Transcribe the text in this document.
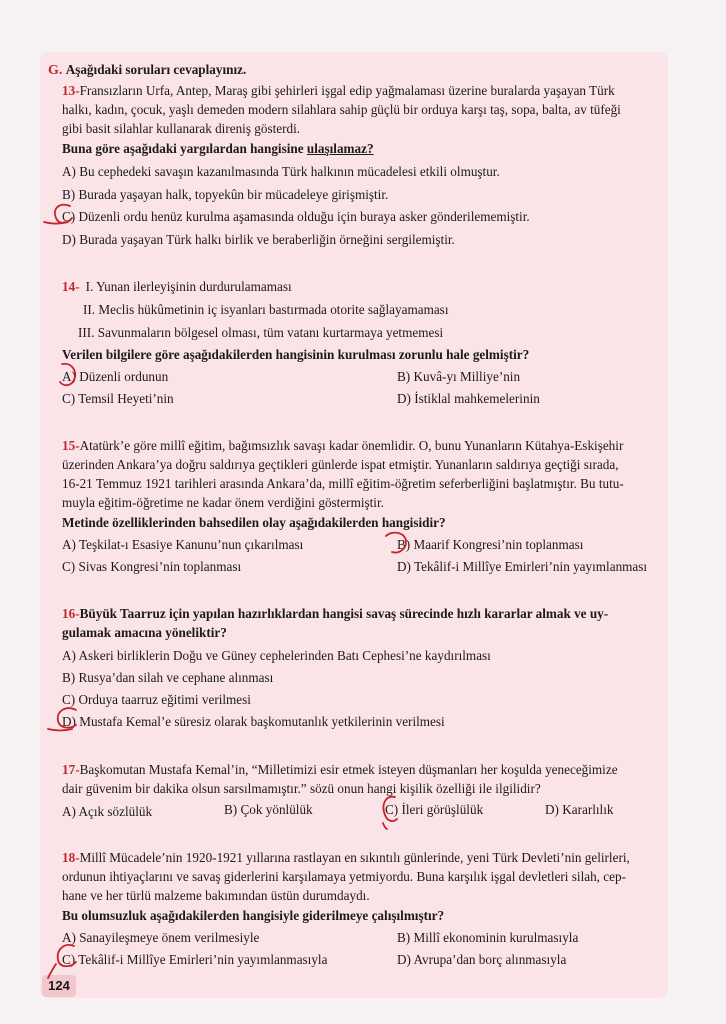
G. Aşağıdaki soruları cevaplayınız.
13-Fransızların Urfa, Antep, Maraş gibi şehirleri işgal edip yağmalaması üzerine buralarda yaşayan Türk
halkı, kadın, çocuk, yaşlı demeden modern silahlara sahip güçlü bir orduya karşı taş, sopa, balta, av tüfeği
gibi basit silahlar kullanarak direniş gösterdi.
Buna göre aşağıdaki yargılardan hangisine ulaşılamaz?
A) Bu cephedeki savaşın kazanılmasında Türk halkının mücadelesi etkili olmuştur.
B) Burada yaşayan halk, topyekûn bir mücadeleye girişmiştir.
C) Düzenli ordu henüz kurulma aşamasında olduğu için buraya asker gönderilememiştir.
D) Burada yaşayan Türk halkı birlik ve beraberliğin örneğini sergilemiştir.
14- I. Yunan ilerleyişinin durdurulamaması
II. Meclis hükûmetinin iç isyanları bastırmada otorite sağlayamaması
III. Savunmaların bölgesel olması, tüm vatanı kurtarmaya yetmemesi
Verilen bilgilere göre aşağıdakilerden hangisinin kurulması zorunlu hale gelmiştir?
A) Düzenli ordunun	B) Kuvâ-yı Milliye’nin
C) Temsil Heyeti’nin	D) İstiklal mahkemelerinin
15-Atatürk’e göre millî eğitim, bağımsızlık savaşı kadar önemlidir. O, bunu Yunanların Kütahya-Eskişehir
üzerinden Ankara’ya doğru saldırıya geçtikleri günlerde ispat etmiştir. Yunanların saldırıya geçtiği sırada,
16-21 Temmuz 1921 tarihleri arasında Ankara’da, millî eğitim-öğretim seferberliğini başlatmıştır. Bu tutu-
muyla eğitim-öğretime ne kadar önem verdiğini göstermiştir.
Metinde özelliklerinden bahsedilen olay aşağıdakilerden hangisidir?
A) Teşkilat-ı Esasiye Kanunu’nun çıkarılması	B) Maarif Kongresi’nin toplanması
C) Sivas Kongresi’nin toplanması	D) Tekâlif-i Millîye Emirleri’nin yayımlanması
16-Büyük Taarruz için yapılan hazırlıklardan hangisi savaş sürecinde hızlı kararlar almak ve uy-
gulamak amacına yöneliktir?
A) Askeri birliklerin Doğu ve Güney cephelerinden Batı Cephesi’ne kaydırılması
B) Rusya’dan silah ve cephane alınması
C) Orduya taarruz eğitimi verilmesi
D) Mustafa Kemal’e süresiz olarak başkomutanlık yetkilerinin verilmesi
17-Başkomutan Mustafa Kemal’in, “Milletimizi esir etmek isteyen düşmanları her koşulda yeneceğimize
dair güvenim bir dakika olsun sarsılmamıştır.” sözü onun hangi kişilik özelliği ile ilgilidir?
A) Açık sözlülük	B) Çok yönlülük	C) İleri görüşlülük	D) Kararlılık
18-Millî Mücadele’nin 1920-1921 yıllarına rastlayan en sıkıntılı günlerinde, yeni Türk Devleti’nin gelirleri,
ordunun ihtiyaçlarını ve savaş giderlerini karşılamaya yetmiyordu. Buna karşılık işgal devletleri silah, cep-
hane ve her türlü malzeme bakımından üstün durumdaydı.
Bu olumsuzluk aşağıdakilerden hangisiyle giderilmeye çalışılmıştır?
A) Sanayileşmeye önem verilmesiyle	B) Millî ekonominin kurulmasıyla
C) Tekâlif-i Millîye Emirleri’nin yayımlanmasıyla	D) Avrupa’dan borç alınmasıyla
124
